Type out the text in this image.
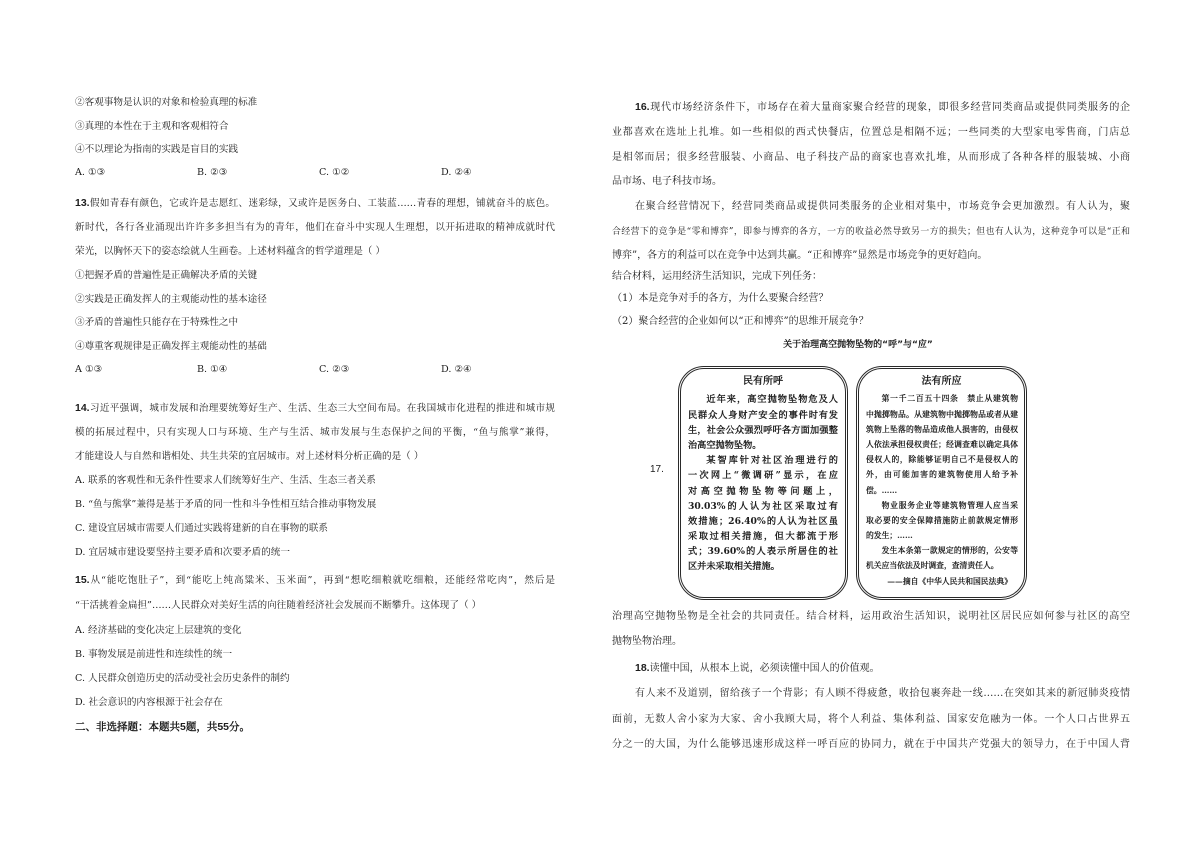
②客观事物是认识的对象和检验真理的标准
③真理的本性在于主观和客观相符合
④不以理论为指南的实践是盲目的实践
A. ①③	B. ②③	C. ①②	D. ②④
13.假如青春有颜色，它或许是志愿红、迷彩绿，又或许是医务白、工装蓝……青春的理想，铺就奋斗的底色。
新时代，各行各业涌现出许许多多担当有为的青年，他们在奋斗中实现人生理想，以开拓进取的精神成就时代
荣光，以胸怀天下的姿态绘就人生画卷。上述材料蕴含的哲学道理是（ ）
①把握矛盾的普遍性是正确解决矛盾的关键
②实践是正确发挥人的主观能动性的基本途径
③矛盾的普遍性只能存在于特殊性之中
④尊重客观规律是正确发挥主观能动性的基础
A ①③	B. ①④	C. ②③	D. ②④
14.习近平强调，城市发展和治理要统筹好生产、生活、生态三大空间布局。在我国城市化进程的推进和城市规
模的拓展过程中，只有实现人口与环境、生产与生活、城市发展与生态保护之间的平衡，“鱼与熊掌”兼得，
才能建设人与自然和谐相处、共生共荣的宜居城市。对上述材料分析正确的是（ ）
A. 联系的客观性和无条件性要求人们统筹好生产、生活、生态三者关系
B. “鱼与熊掌”兼得是基于矛盾的同一性和斗争性相互结合推动事物发展
C. 建设宜居城市需要人们通过实践将建新的自在事物的联系
D. 宜居城市建设要坚持主要矛盾和次要矛盾的统一
15.从“能吃饱肚子”，到“能吃上纯高粱米、玉米面”，再到“想吃细粮就吃细粮，还能经常吃肉”，然后是
“干活挑着金扁担”……人民群众对美好生活的向往随着经济社会发展而不断攀升。这体现了（ ）
A. 经济基础的变化决定上层建筑的变化
B. 事物发展是前进性和连续性的统一
C. 人民群众创造历史的活动受社会历史条件的制约
D. 社会意识的内容根源于社会存在
二、非选择题：本题共5题，共55分。
16.现代市场经济条件下，市场存在着大量商家聚合经营的现象，即很多经营同类商品或提供同类服务的企
业都喜欢在选址上扎堆。如一些相似的西式快餐店，位置总是相隔不远；一些同类的大型家电零售商，门店总
是相邻而居；很多经营服装、小商品、电子科技产品的商家也喜欢扎堆，从而形成了各种各样的服装城、小商
品市场、电子科技市场。
在聚合经营情况下，经营同类商品或提供同类服务的企业相对集中，市场竞争会更加激烈。有人认为，聚
合经营下的竞争是“零和博弈”，即参与博弈的各方，一方的收益必然导致另一方的损失；但也有人认为，这种竞争可以是“正和
博弈”，各方的利益可以在竞争中达到共赢。“正和博弈”显然是市场竞争的更好趋向。
结合材料，运用经济生活知识，完成下列任务：
（1）本是竞争对手的各方，为什么要聚合经营？
（2）聚合经营的企业如何以“正和博弈”的思维开展竞争？
关于治理高空抛物坠物的“呼”与“应”
17.
民有所呼
近年来，高空抛物坠物危及人
民群众人身财产安全的事件时有发
生，社会公众强烈呼吁各方面加强整
治高空抛物坠物。
某智库针对社区治理进行的
一次网上“微调研”显示，在应
对高空抛物坠物等问题上，
30.03%的人认为社区采取过有
效措施；26.40%的人认为社区虽
采取过相关措施，但大都流于形
式；39.60%的人表示所居住的社
区并未采取相关措施。
法有所应
第一千二百五十四条　禁止从建筑物
中抛掷物品。从建筑物中抛掷物品或者从建
筑物上坠落的物品造成他人损害的，由侵权
人依法承担侵权责任；经调查难以确定具体
侵权人的，除能够证明自己不是侵权人的
外，由可能加害的建筑物使用人给予补
偿。……
物业服务企业等建筑物管理人应当采
取必要的安全保障措施防止前款规定情形
的发生；……
发生本条第一款规定的情形的，公安等
机关应当依法及时调查，查清责任人。
——摘自《中华人民共和国民法典》
治理高空抛物坠物是全社会的共同责任。结合材料，运用政治生活知识，说明社区居民应如何参与社区的高空
抛物坠物治理。
18.读懂中国，从根本上说，必须读懂中国人的价值观。
有人来不及道别，留给孩子一个背影；有人顾不得疲惫，收拾包裹奔赴一线……在突如其来的新冠肺炎疫情
面前，无数人舍小家为大家、舍小我顾大局，将个人利益、集体利益、国家安危融为一体。一个人口占世界五
分之一的大国，为什么能够迅速形成这样一呼百应的协同力，就在于中国共产党强大的领导力，在于中国人背
